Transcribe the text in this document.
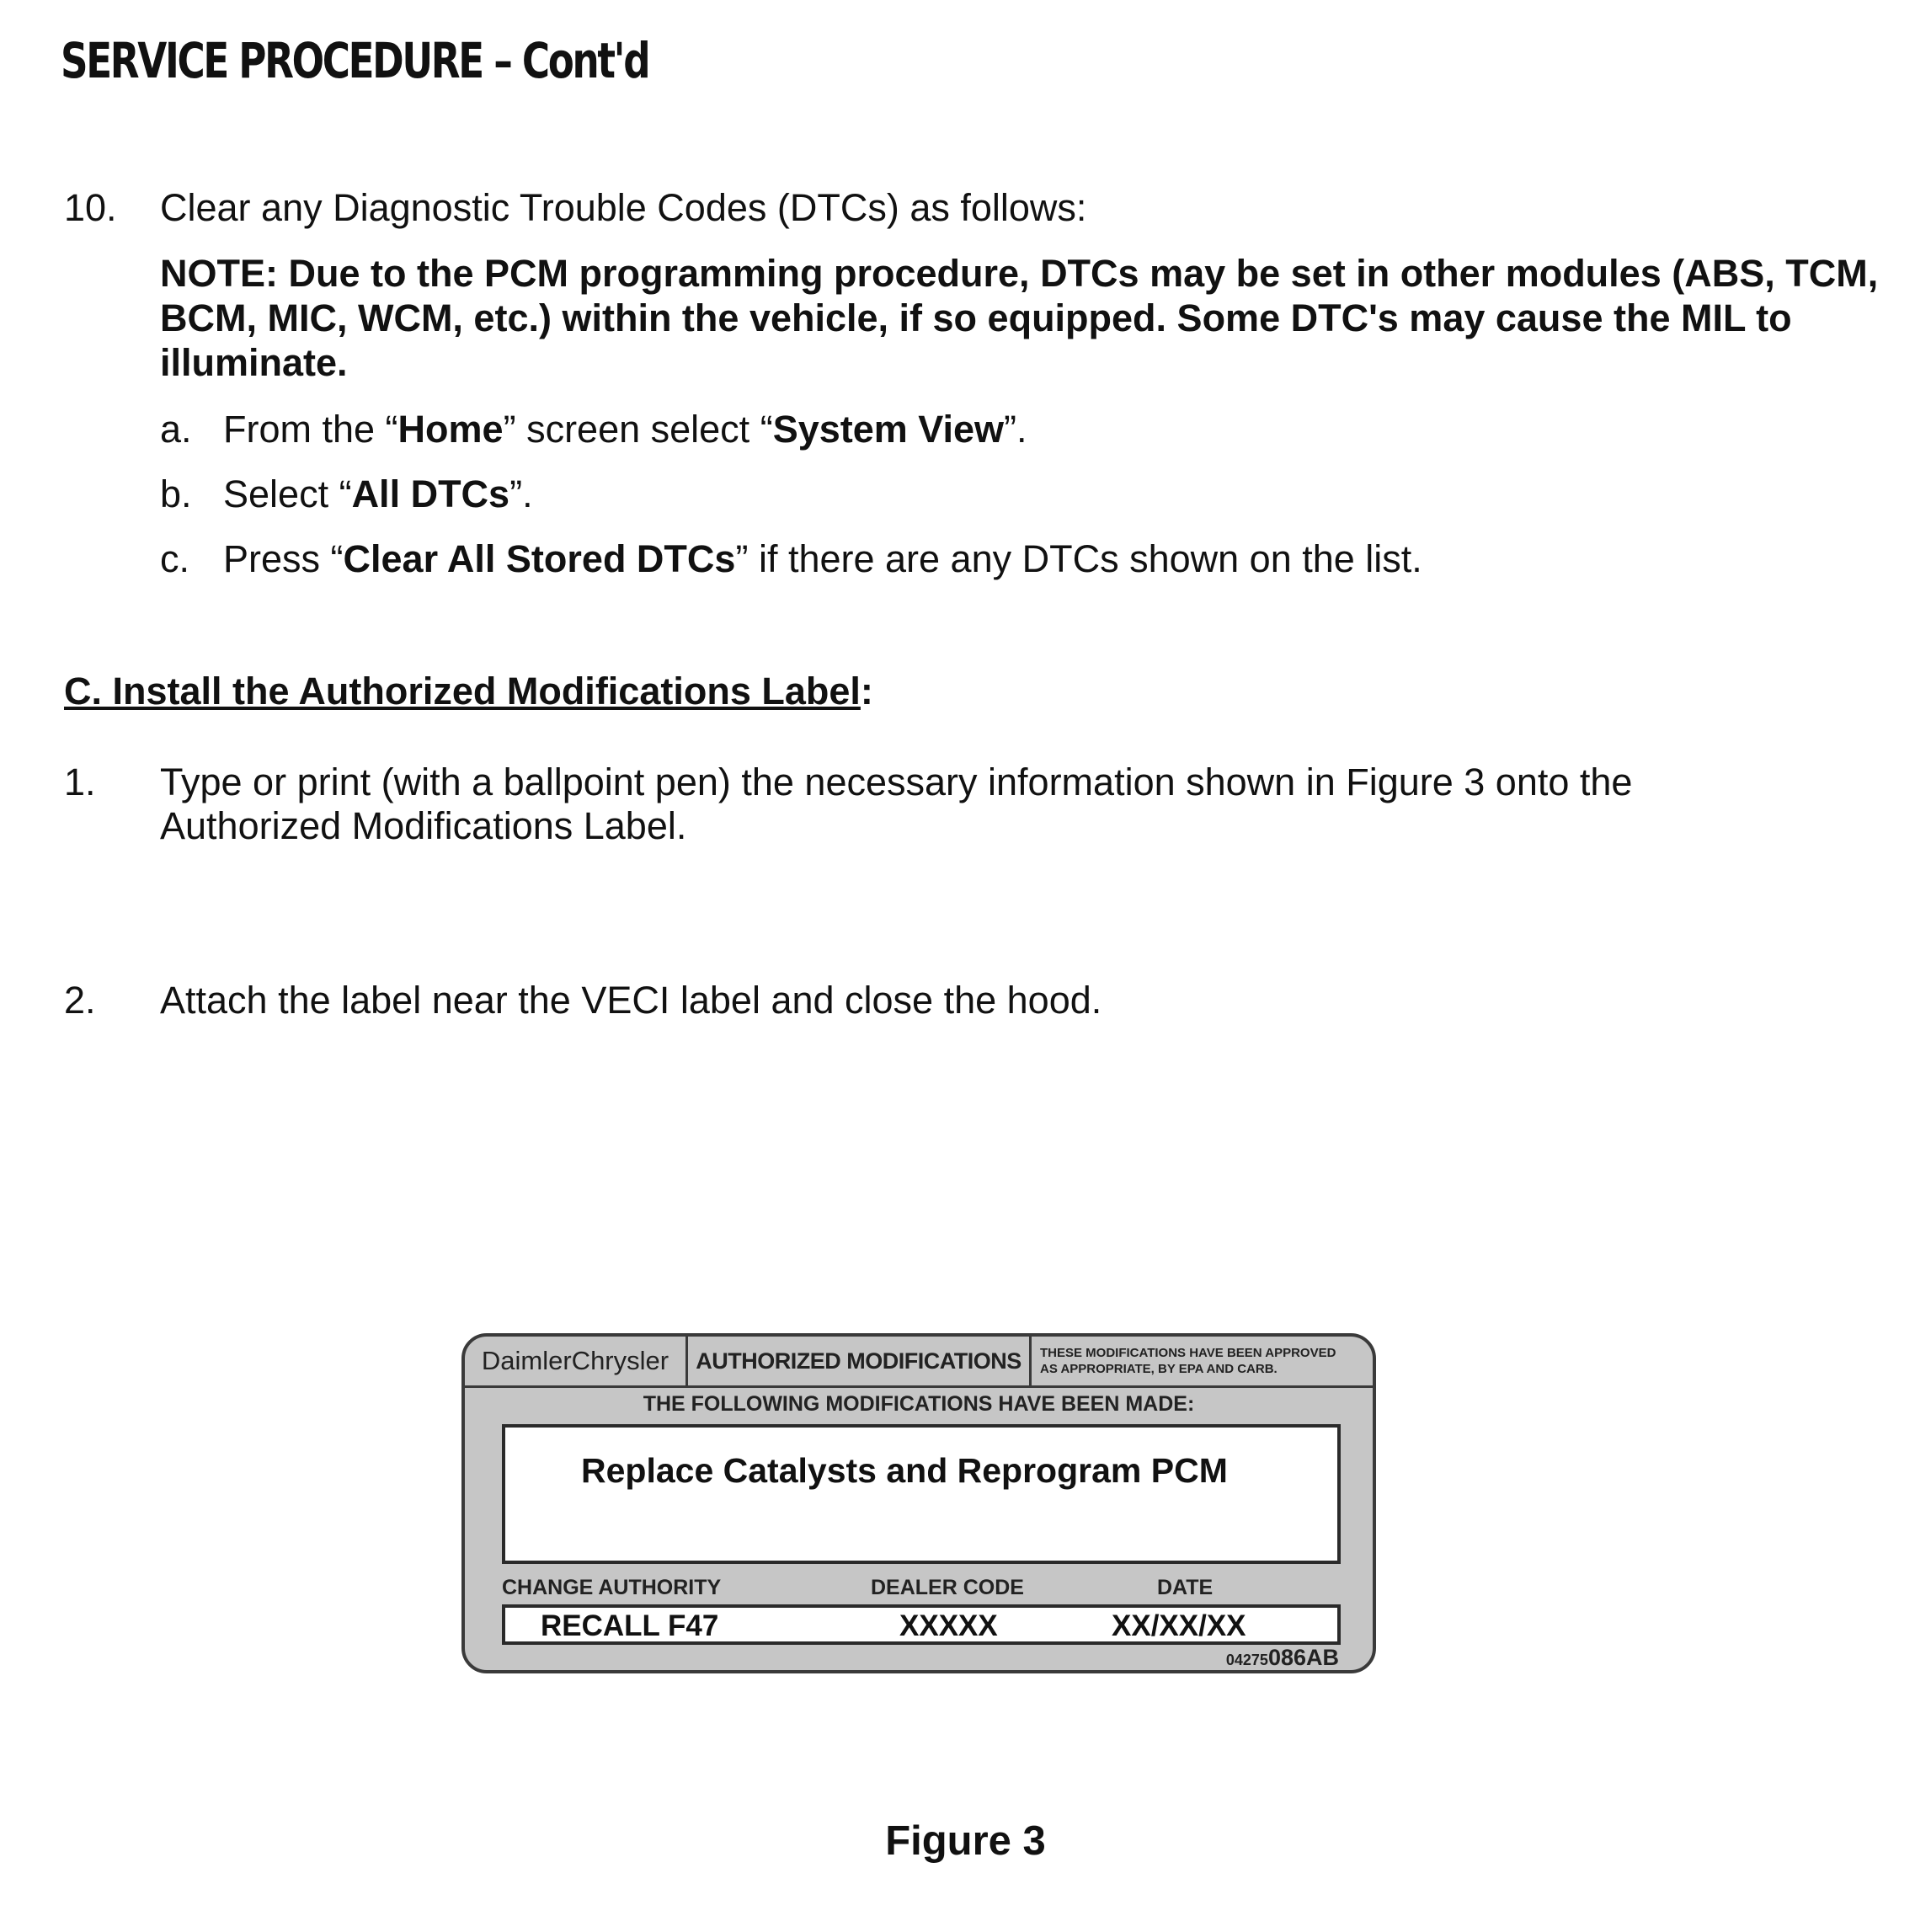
SERVICE PROCEDURE – Cont'd
10. Clear any Diagnostic Trouble Codes (DTCs) as follows:
NOTE: Due to the PCM programming procedure, DTCs may be set in other modules (ABS, TCM, BCM, MIC, WCM, etc.) within the vehicle, if so equipped. Some DTC's may cause the MIL to illuminate.
a. From the “Home” screen select “System View”.
b. Select “All DTCs”.
c. Press “Clear All Stored DTCs” if there are any DTCs shown on the list.
C. Install the Authorized Modifications Label:
1. Type or print (with a ballpoint pen) the necessary information shown in Figure 3 onto the
Authorized Modifications Label.
2. Attach the label near the VECI label and close the hood.
DaimlerChrysler	AUTHORIZED MODIFICATIONS	THESE MODIFICATIONS HAVE BEEN APPROVED
AS APPROPRIATE, BY EPA AND CARB.
THE FOLLOWING MODIFICATIONS HAVE BEEN MADE:
Replace Catalysts and Reprogram PCM
CHANGE AUTHORITY	DEALER CODE	DATE
RECALL F47	XXXXX	XX/XX/XX
04275086AB
Figure 3
